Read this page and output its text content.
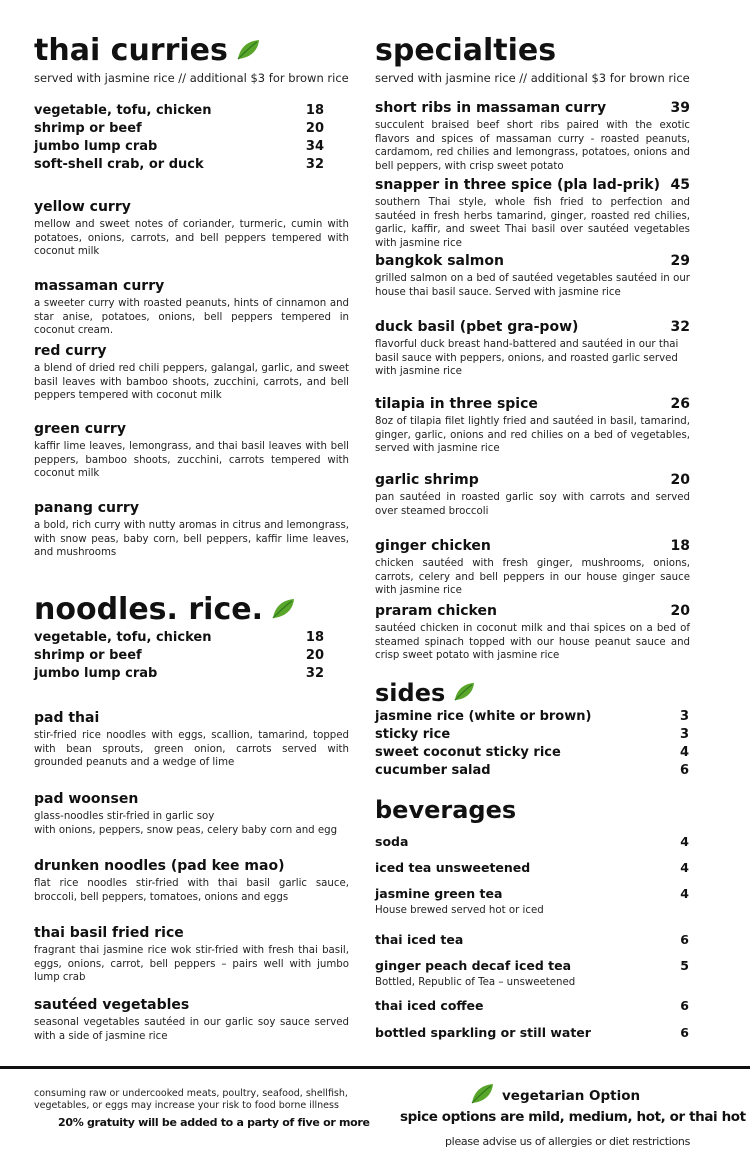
thai curries
served with jasmine rice // additional $3 for brown rice
vegetable, tofu, chicken	18
shrimp or beef	20
jumbo lump crab	34
soft-shell crab, or duck	32
yellow curry
mellow and sweet notes of coriander, turmeric, cumin with potatoes, onions, carrots, and bell peppers tempered with coconut milk
massaman curry
a sweeter curry with roasted peanuts, hints of cinnamon and star anise, potatoes, onions, bell peppers tempered in coconut cream.
red curry
a blend of dried red chili peppers, galangal, garlic, and sweet basil leaves with bamboo shoots, zucchini, carrots, and bell peppers tempered with coconut milk
green curry
kaffir lime leaves, lemongrass, and thai basil leaves with bell peppers, bamboo shoots, zucchini, carrots tempered with coconut milk
panang curry
a bold, rich curry with nutty aromas in citrus and lemongrass, with snow peas, baby corn, bell peppers, kaffir lime leaves, and mushrooms
noodles. rice.
vegetable, tofu, chicken	18
shrimp or beef	20
jumbo lump crab	32
pad thai
stir-fried rice noodles with eggs, scallion, tamarind, topped with bean sprouts, green onion, carrots served with grounded peanuts and a wedge of lime
pad woonsen
glass-noodles stir-fried in garlic soy
with onions, peppers, snow peas, celery baby corn and egg
drunken noodles (pad kee mao)
flat rice noodles stir-fried with thai basil garlic sauce, broccoli, bell peppers, tomatoes, onions and eggs
thai basil fried rice
fragrant thai jasmine rice wok stir-fried with fresh thai basil, eggs, onions, carrot, bell peppers – pairs well with jumbo lump crab
sautéed vegetables
seasonal vegetables sautéed in our garlic soy sauce served with a side of jasmine rice
specialties
served with jasmine rice // additional $3 for brown rice
short ribs in massaman curry	39
succulent braised beef short ribs paired with the exotic flavors and spices of massaman curry - roasted peanuts, cardamom, red chilies and lemongrass, potatoes, onions and bell peppers, with crisp sweet potato
snapper in three spice (pla lad-prik) 45
southern Thai style, whole fish fried to perfection and sautéed in fresh herbs tamarind, ginger, roasted red chilies, garlic, kaffir, and sweet Thai basil over sautéed vegetables with jasmine rice
bangkok salmon	29
grilled salmon on a bed of sautéed vegetables sautéed in our house thai basil sauce. Served with jasmine rice
duck basil (pbet gra-pow)	32
flavorful duck breast hand-battered and sautéed in our thai basil sauce with peppers, onions, and roasted garlic served with jasmine rice
tilapia in three spice	26
8oz of tilapia filet lightly fried and sautéed in basil, tamarind, ginger, garlic, onions and red chilies on a bed of vegetables, served with jasmine rice
garlic shrimp	20
pan sautéed in roasted garlic soy with carrots and served over steamed broccoli
ginger chicken	18
chicken sautéed with fresh ginger, mushrooms, onions, carrots, celery and bell peppers in our house ginger sauce with jasmine rice
praram chicken	20
sautéed chicken in coconut milk and thai spices on a bed of steamed spinach topped with our house peanut sauce and crisp sweet potato with jasmine rice
sides
jasmine rice (white or brown)	3
sticky rice	3
sweet coconut sticky rice	4
cucumber salad	6
beverages
soda	4
iced tea unsweetened	4
jasmine green tea	4
House brewed served hot or iced
thai iced tea	6
ginger peach decaf iced tea	5
Bottled, Republic of Tea – unsweetened
thai iced coffee	6
bottled sparkling or still water	6
consuming raw or undercooked meats, poultry, seafood, shellfish, vegetables, or eggs may increase your risk to food borne illness
20% gratuity will be added to a party of five or more
vegetarian Option
spice options are mild, medium, hot, or thai hot
please advise us of allergies or diet restrictions
